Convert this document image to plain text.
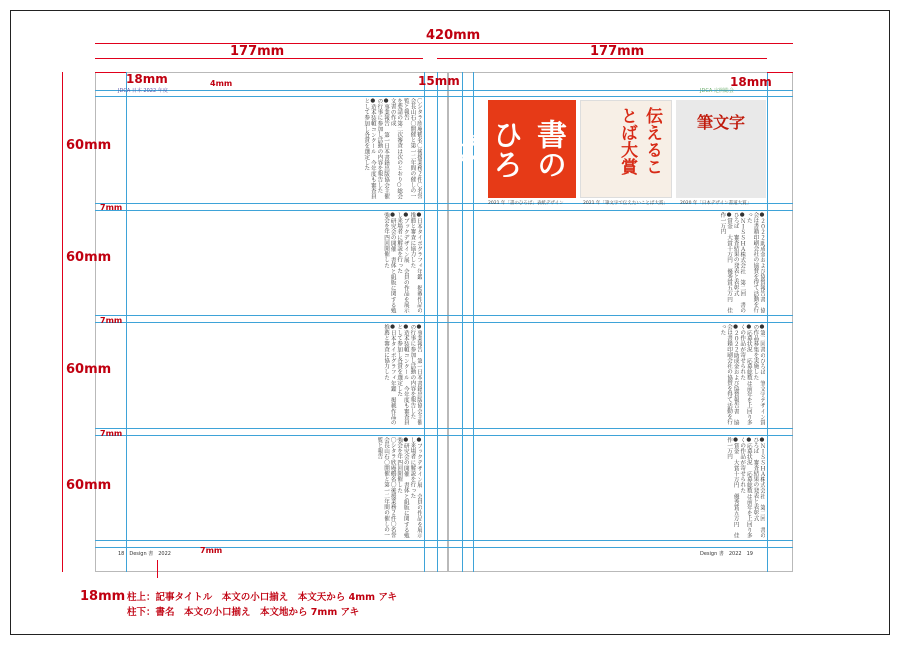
JDCA 日本 2022 年度	JDCA 定例総会
〇シタラ欣庵鶴名〇後援業務２件〇名誉会長山石〇開催と第一二年間の催しの一覧と報告
を要請の第二次審査は次のとおり○総会文書の作成
●事業報告　第一日本書籍出版協会主催の行事に参加し活動の内容を報告した
●造本装幀コンクール　今年度も審査員として参加し各賞を選定した
●日本タイポグラフィ年鑑　掲載作品の推薦と審査に協力した
●ブックデザイン展　会員の作品を展示し来場者に解説を行った
●研究会の開催　書体と組版に関する勉強会を年四回開催した
●事業報告　第一日本書籍出版協会主催の行事に参加し活動の内容を報告した
●造本装幀コンクール　今年度も審査員として参加し各賞を選定した
●日本タイポグラフィ年鑑　掲載作品の推薦と審査に協力した
●ブックデザイン展　会員の作品を展示し来場者に解説を行った
●研究会の開催　書体と組版に関する勉強会を年四回開催した
〇シタラ欣庵鶴名〇後援業務２件〇名誉会長山石〇開催と第一二年間の催しの一覧と報告
書のひろば	伝えることば大賞	筆文字
2021 年「書のひろば」表紙デザイン	2021 年「筆文字で伝えたいことば大賞」	2020 年「日本デザイン書道大賞」
●２０２２助成金および協賛報告書　協会は書籍印刷会社の協賛を得て活動を行った
●ＮＩＳＳＨＡ株式会社　第二回　書のひろば　審査結果の発表と表彰式
●賞金　大賞十万円　優秀賞五万円　佳作一万円
●第二回書のひろば　筆文字デザイン賞の作品募集を実施した
●応募状況　応募総数は前年を上回り多くの作品が寄せられた
●２０２２助成金および協賛報告書　協会は書籍印刷会社の協賛を得て活動を行った
●ＮＩＳＳＨＡ株式会社　第二回　書のひろば　審査結果の発表と表彰式
●応募状況　応募総数は前年を上回り多くの作品が寄せられた
●賞金　大賞十万円　優秀賞五万円　佳作一万円
18　Design 書　2022	Design 書　2022　19
420mm
177mm	177mm
18mm	18mm
15mm
4mm
60mm
7mm
60mm
7mm
60mm
7mm
60mm
7mm
18mm 柱上：記事タイトル　本文の小口揃え　本文天から 4mm アキ
柱下：書名　本文の小口揃え　本文地から 7mm アキ
